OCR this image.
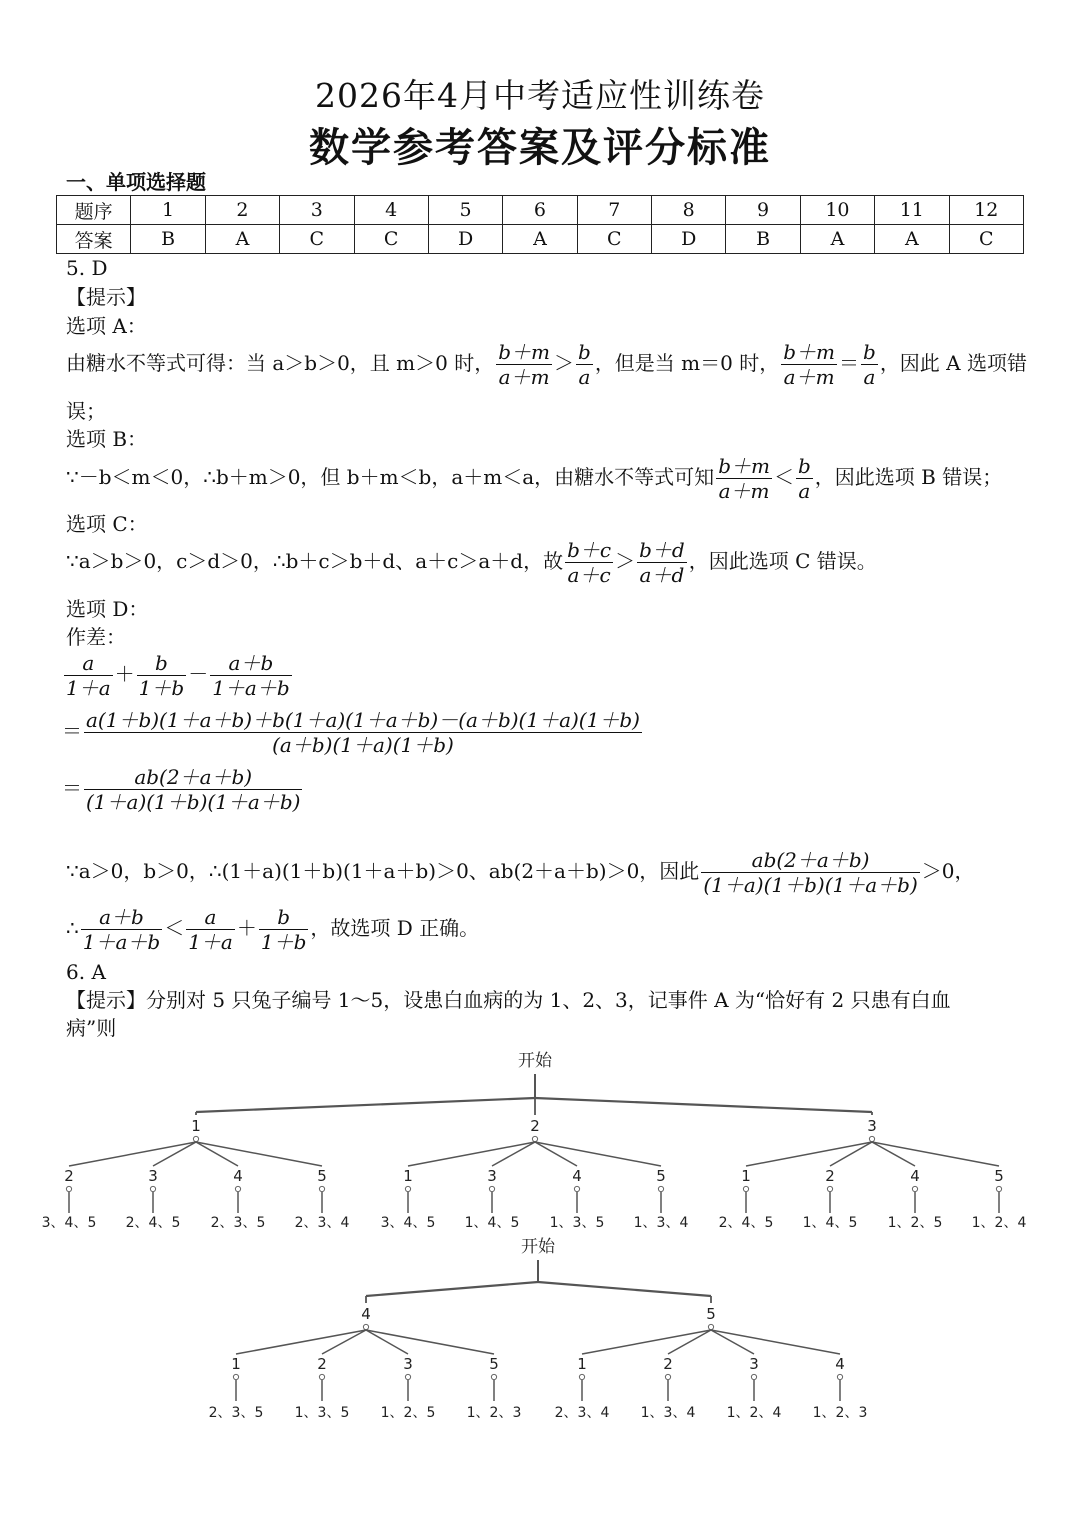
2026年4月中考适应性训练卷
数学参考答案及评分标准
一、单项选择题
题序	1	2	3	4	5	6	7	8	9	10	11	12
答案	B	A	C	C	D	A	C	D	B	A	A	C
5. D
【提示】
选项 A：
由糖水不等式可得：当 a＞b＞0，且 m＞0 时， $\frac{b+m}{a+m} > \frac{b}{a}$ ，但是当 m＝0 时， $\frac{b+m}{a+m} = \frac{b}{a}$ ，因此 A 选项错
误；
选项 B：
∵－b＜m＜0，∴b＋m＞0，但 b＋m＜b，a＋m＜a，由糖水不等式可知 $\frac{b+m}{a+m} < \frac{b}{a}$ ，因此选项 B 错误；
选项 C：
∵a＞b＞0，c＞d＞0，∴b＋c＞b＋d、a＋c＞a＋d，故 $\frac{b+c}{a+c} > \frac{b+d}{a+d}$ ，因此选项 C 错误。
选项 D：
作差：
$\frac{a}{1+a} + \frac{b}{1+b} - \frac{a+b}{1+a+b}$
＝ $\frac{a(1+b)(1+a+b)+b(1+a)(1+a+b)-(a+b)(1+a)(1+b)}{(a+b)(1+a)(1+b)}$
＝ $\frac{ab(2+a+b)}{(1+a)(1+b)(1+a+b)}$
∵a＞0，b＞0，∴(1＋a)(1＋b)(1＋a＋b)＞0、ab(2＋a＋b)＞0，因此 $\frac{ab(2+a+b)}{(1+a)(1+b)(1+a+b)} >0$，
∴ $\frac{a+b}{1+a+b} < \frac{a}{1+a} + \frac{b}{1+b}$ ，故选项 D 正确。
6. A
【提示】分别对 5 只兔子编号 1～5，设患白血病的为 1、2、3，记事件 A 为“恰好有 2 只患有白血
病”则
开始
1
2
3、4、5
3
2、4、5
4
2、3、5
5
2、3、4
2
1
3、4、5
3
1、4、5
4
1、3、5
5
1、3、4
3
1
2、4、5
2
1、4、5
4
1、2、5
5
1、2、4
开始
4
1
2、3、5
2
1、3、5
3
1、2、5
5
1、2、3
5
1
2、3、4
2
1、3、4
3
1、2、4
4
1、2、3
